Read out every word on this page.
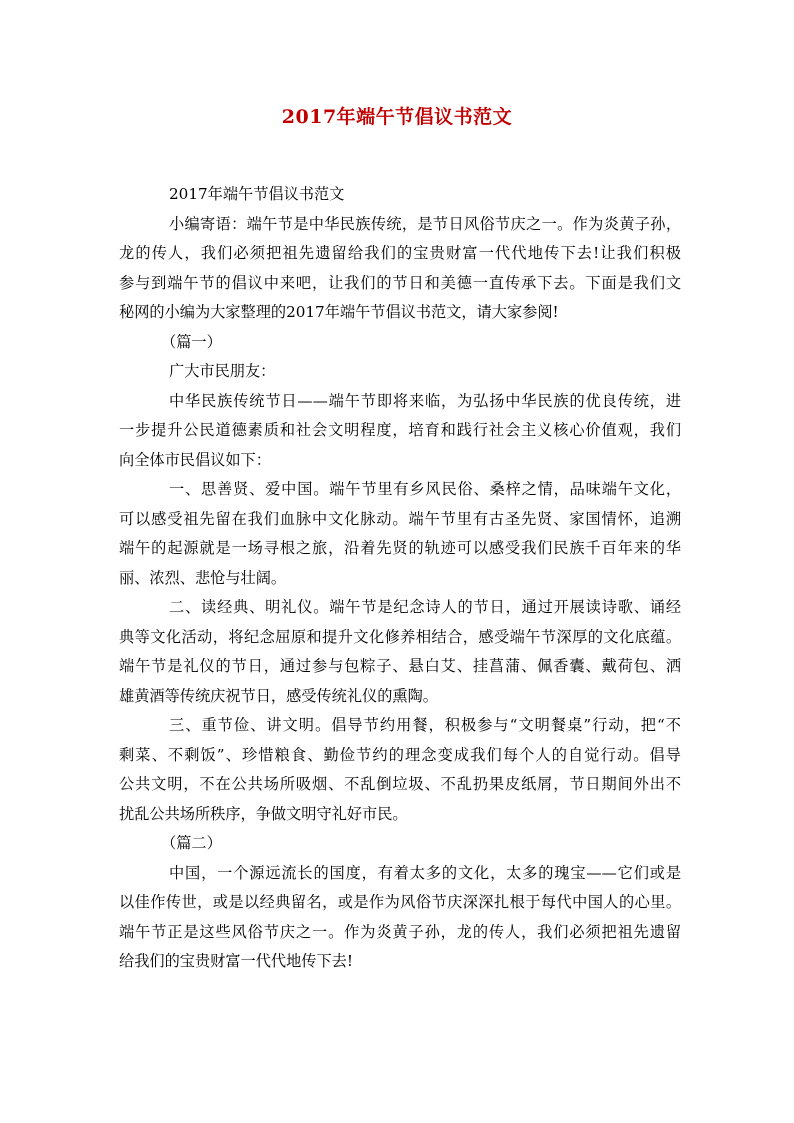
2017年端午节倡议书范文
2017年端午节倡议书范文
小编寄语：端午节是中华民族传统，是节日风俗节庆之一。作为炎黄子孙，
龙的传人，我们必须把祖先遗留给我们的宝贵财富一代代地传下去!让我们积极
参与到端午节的倡议中来吧，让我们的节日和美德一直传承下去。下面是我们文
秘网的小编为大家整理的2017年端午节倡议书范文，请大家参阅!
（篇一）
广大市民朋友：
中华民族传统节日——端午节即将来临，为弘扬中华民族的优良传统，进
一步提升公民道德素质和社会文明程度，培育和践行社会主义核心价值观，我们
向全体市民倡议如下：
一、思善贤、爱中国。端午节里有乡风民俗、桑梓之情，品味端午文化，
可以感受祖先留在我们血脉中文化脉动。端午节里有古圣先贤、家国情怀，追溯
端午的起源就是一场寻根之旅，沿着先贤的轨迹可以感受我们民族千百年来的华
丽、浓烈、悲怆与壮阔。
二、读经典、明礼仪。端午节是纪念诗人的节日，通过开展读诗歌、诵经
典等文化活动，将纪念屈原和提升文化修养相结合，感受端午节深厚的文化底蕴。
端午节是礼仪的节日，通过参与包粽子、悬白艾、挂菖蒲、佩香囊、戴荷包、洒
雄黄酒等传统庆祝节日，感受传统礼仪的熏陶。
三、重节俭、讲文明。倡导节约用餐，积极参与“文明餐桌”行动，把“不
剩菜、不剩饭”、珍惜粮食、勤俭节约的理念变成我们每个人的自觉行动。倡导
公共文明，不在公共场所吸烟、不乱倒垃圾、不乱扔果皮纸屑，节日期间外出不
扰乱公共场所秩序，争做文明守礼好市民。
（篇二）
中国，一个源远流长的国度，有着太多的文化，太多的瑰宝——它们或是
以佳作传世，或是以经典留名，或是作为风俗节庆深深扎根于每代中国人的心里。
端午节正是这些风俗节庆之一。作为炎黄子孙，龙的传人，我们必须把祖先遗留
给我们的宝贵财富一代代地传下去!
